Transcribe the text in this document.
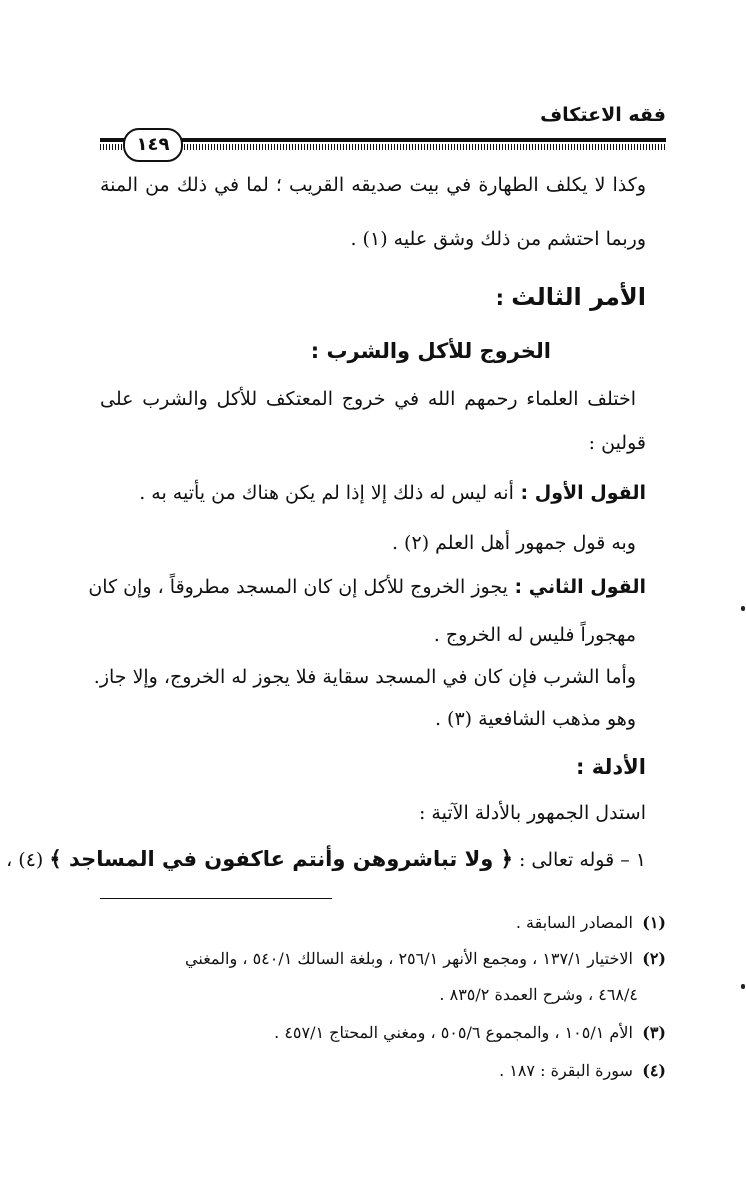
فقه الاعتكاف
١٤٩
وكذا لا يكلف الطهارة في بيت صديقه القريب ؛ لما في ذلك من المنة
وربما احتشم من ذلك وشق عليه (١) .
الأمر الثالث :
الخروج للأكل والشرب :
اختلف العلماء رحمهم الله في خروج المعتكف للأكل والشرب على
قولين :
القول الأول : أنه ليس له ذلك إلا إذا لم يكن هناك من يأتيه به .
وبه قول جمهور أهل العلم (٢) .
القول الثاني : يجوز الخروج للأكل إن كان المسجد مطروقاً ، وإن كان
مهجوراً فليس له الخروج .
وأما الشرب فإن كان في المسجد سقاية فلا يجوز له الخروج، وإلا جاز.
وهو مذهب الشافعية (٣) .
الأدلة :
استدل الجمهور بالأدلة الآتية :
١ – قوله تعالى : ﴿ ولا تباشروهن وأنتم عاكفون في المساجد ﴾ (٤) ،
(١) المصادر السابقة .
(٢) الاختيار ١٣٧/١ ، ومجمع الأنهر ٢٥٦/١ ، وبلغة السالك ٥٤٠/١ ، والمغني
٤٦٨/٤ ، وشرح العمدة ٨٣٥/٢ .
(٣) الأم ١٠٥/١ ، والمجموع ٥٠٥/٦ ، ومغني المحتاج ٤٥٧/١ .
(٤) سورة البقرة : ١٨٧ .
